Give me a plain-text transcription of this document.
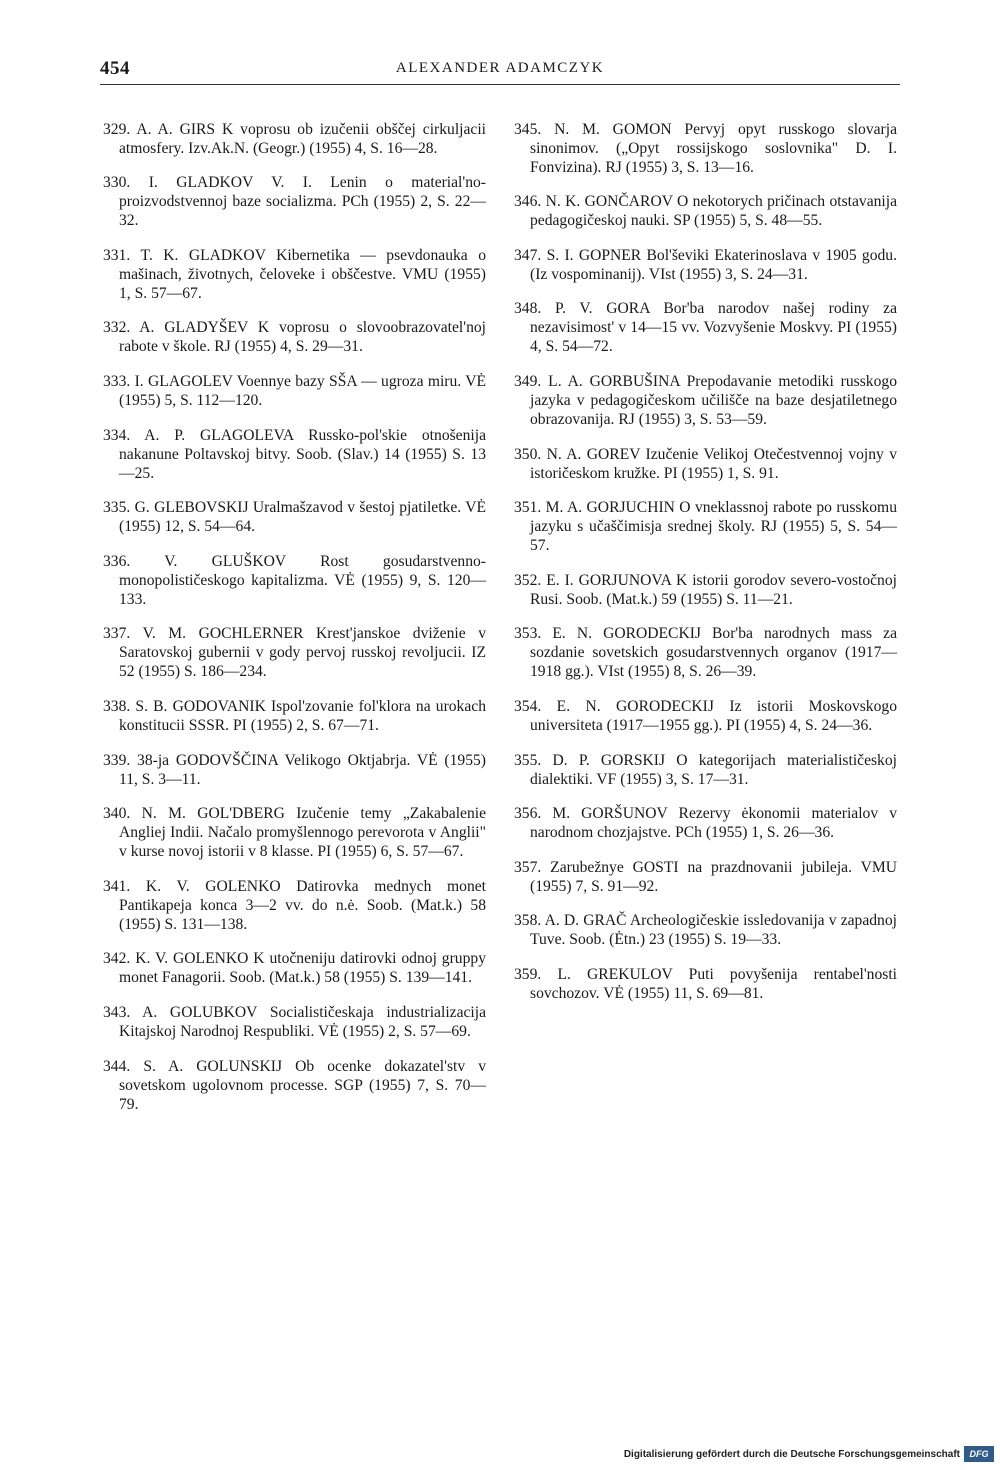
454	ALEXANDER ADAMCZYK

329. A. A. GIRS K voprosu ob izučenii obščej cirkuljacii atmosfery. Izv.Ak.N. (Geogr.) (1955) 4, S. 16—28.

330. I. GLADKOV V. I. Lenin o material'no-proizvodstvennoj baze socializma. PCh (1955) 2, S. 22—32.

331. T. K. GLADKOV Kibernetika — psevdonauka o mašinach, životnych, čeloveke i obščestve. VMU (1955) 1, S. 57—67.

332. A. GLADYŠEV K voprosu o slovoobrazovatel'noj rabote v škole. RJ (1955) 4, S. 29—31.

333. I. GLAGOLEV Voennye bazy SŠA — ugroza miru. VĖ (1955) 5, S. 112—120.

334. A. P. GLAGOLEVA Russko-pol'skie otnošenija nakanune Poltavskoj bitvy. Soob. (Slav.) 14 (1955) S. 13—25.

335. G. GLEBOVSKIJ Uralmašzavod v šestoj pjatiletke. VĖ (1955) 12, S. 54—64.

336. V. GLUŠKOV Rost gosudarstvenno-monopolističeskogo kapitalizma. VĖ (1955) 9, S. 120—133.

337. V. M. GOCHLERNER Krest'janskoe dviženie v Saratovskoj gubernii v gody pervoj russkoj revoljucii. IZ 52 (1955) S. 186—234.

338. S. B. GODOVANIK Ispol'zovanie fol'klora na urokach konstitucii SSSR. PI (1955) 2, S. 67—71.

339. 38-ja GODOVŠČINA Velikogo Oktjabrja. VĖ (1955) 11, S. 3—11.

340. N. M. GOL'DBERG Izučenie temy „Zakabalenie Angliej Indii. Načalo promyšlennogo perevorota v Anglii" v kurse novoj istorii v 8 klasse. PI (1955) 6, S. 57—67.

341. K. V. GOLENKO Datirovka mednych monet Pantikapeja konca 3—2 vv. do n.ė. Soob. (Mat.k.) 58 (1955) S. 131—138.

342. K. V. GOLENKO K utočneniju datirovki odnoj gruppy monet Fanagorii. Soob. (Mat.k.) 58 (1955) S. 139—141.

343. A. GOLUBKOV Socialističeskaja industrializacija Kitajskoj Narodnoj Respubliki. VĖ (1955) 2, S. 57—69.

344. S. A. GOLUNSKIJ Ob ocenke dokazatel'stv v sovetskom ugolovnom processe. SGP (1955) 7, S. 70—79.

345. N. M. GOMON Pervyj opyt russkogo slovarja sinonimov. („Opyt rossijskogo soslovnika" D. I. Fonvizina). RJ (1955) 3, S. 13—16.

346. N. K. GONČAROV O nekotorych pričinach otstavanija pedagogičeskoj nauki. SP (1955) 5, S. 48—55.

347. S. I. GOPNER Bol'ševiki Ekaterinoslava v 1905 godu. (Iz vospominanij). VIst (1955) 3, S. 24—31.

348. P. V. GORA Bor'ba narodov našej rodiny za nezavisimost' v 14—15 vv. Vozvyšenie Moskvy. PI (1955) 4, S. 54—72.

349. L. A. GORBUŠINA Prepodavanie metodiki russkogo jazyka v pedagogičeskom učilišče na baze desjatiletnego obrazovanija. RJ (1955) 3, S. 53—59.

350. N. A. GOREV Izučenie Velikoj Otečestvennoj vojny v istoričeskom kružke. PI (1955) 1, S. 91.

351. M. A. GORJUCHIN O vneklassnoj rabote po russkomu jazyku s učaščimisja srednej školy. RJ (1955) 5, S. 54—57.

352. E. I. GORJUNOVA K istorii gorodov severo-vostočnoj Rusi. Soob. (Mat.k.) 59 (1955) S. 11—21.

353. E. N. GORODECKIJ Bor'ba narodnych mass za sozdanie sovetskich gosudarstvennych organov (1917—1918 gg.). VIst (1955) 8, S. 26—39.

354. E. N. GORODECKIJ Iz istorii Moskovskogo universiteta (1917—1955 gg.). PI (1955) 4, S. 24—36.

355. D. P. GORSKIJ O kategorijach materialističeskoj dialektiki. VF (1955) 3, S. 17—31.

356. M. GORŠUNOV Rezervy ėkonomii materialov v narodnom chozjajstve. PCh (1955) 1, S. 26—36.

357. Zarubežnye GOSTI na prazdnovanii jubileja. VMU (1955) 7, S. 91—92.

358. A. D. GRAČ Archeologičeskie issledovanija v zapadnoj Tuve. Soob. (Ėtn.) 23 (1955) S. 19—33.

359. L. GREKULOV Puti povyšenija rentabel'nosti sovchozov. VĖ (1955) 11, S. 69—81.

Digitalisierung gefördert durch die Deutsche Forschungsgemeinschaft	DFG
